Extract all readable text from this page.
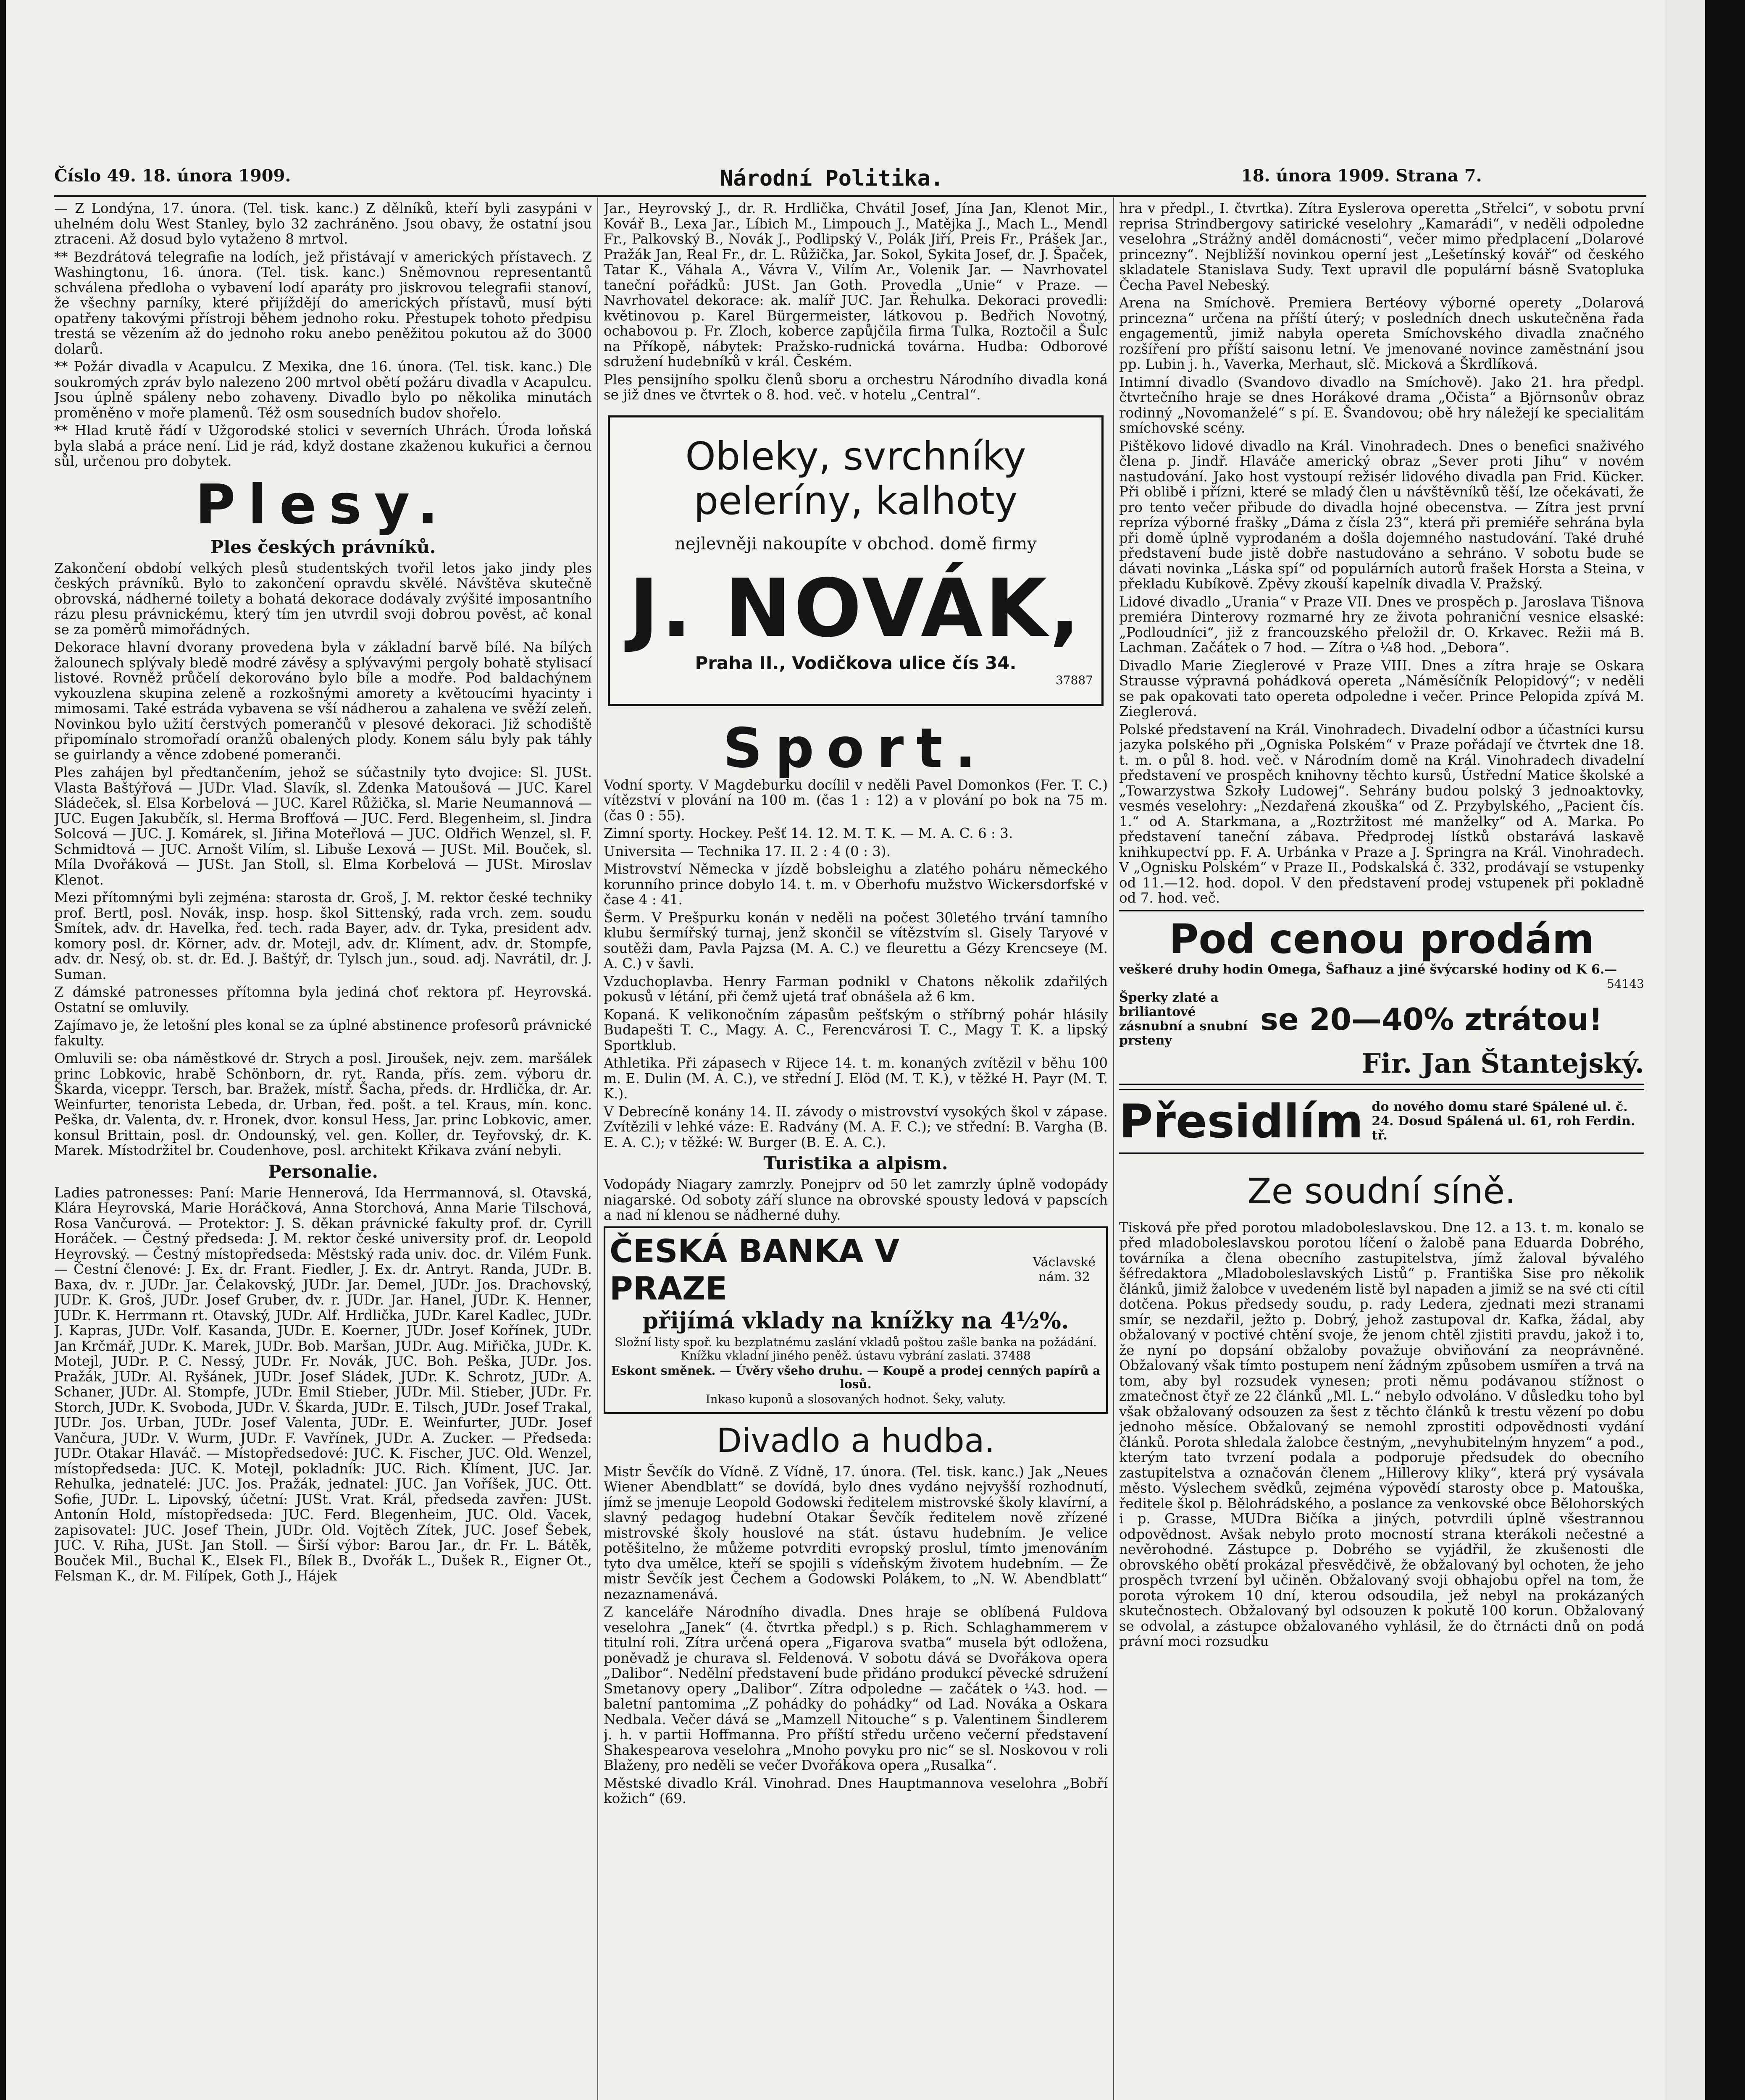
Číslo 49. 18. února 1909.	Národní Politika.	18. února 1909. Strana 7.

— Z Londýna, 17. února. (Tel. tisk. kanc.) Z dělníků, kteří byli zasypáni v uhelném dolu West Stanley, bylo 32 zachráněno. Jsou obavy, že ostatní jsou ztraceni. Až dosud bylo vytaženo 8 mrtvol.

** Bezdrátová telegrafie na lodích, jež přistávají v amerických přístavech. Z Washingtonu, 16. února. (Tel. tisk. kanc.) Sněmovnou representantů schválena předloha o vybavení lodí aparáty pro jiskrovou telegrafii stanoví, že všechny parníky, které přijíždějí do amerických přístavů, musí býti opatřeny takovými přístroji během jednoho roku. Přestupek tohoto předpisu trestá se vězením až do jednoho roku anebo peněžitou pokutou až do 3000 dolarů.

** Požár divadla v Acapulcu. Z Mexika, dne 16. února. (Tel. tisk. kanc.) Dle soukromých zpráv bylo nalezeno 200 mrtvol obětí požáru divadla v Acapulcu. Jsou úplně spáleny nebo zohaveny. Divadlo bylo po několika minutách proměněno v moře plamenů. Též osm sousedních budov shořelo.

** Hlad krutě řádí v Užgorodské stolici v severních Uhrách. Úroda loňská byla slabá a práce není. Lid je rád, když dostane zkaženou kukuřici a černou sůl, určenou pro dobytek.

Plesy.
Ples českých právníků.

Zakončení období velkých plesů studentských tvořil letos jako jindy ples českých právníků. Bylo to zakončení opravdu skvělé. Návštěva skutečně obrovská, nádherné toilety a bohatá dekorace dodávaly zvýšité imposantního rázu plesu právnickému, který tím jen utvrdil svoji dobrou pověst, ač konal se za poměrů mimořádných.

Dekorace hlavní dvorany provedena byla v základní barvě bílé. Na bílých žalounech splývaly bledě modré závěsy a splývavými pergoly bohatě stylisací listové. Rovněž průčelí dekorováno bylo bíle a modře. Pod baldachýnem vykouzlena skupina zeleně a rozkošnými amorety a květoucími hyacinty i mimosami. Také estráda vybavena se vší nádherou a zahalena ve svěží zeleň. Novinkou bylo užití čerstvých pomerančů v plesové dekoraci. Již schodiště připomínalo stromořadí oranžů obalených plody. Konem sálu byly pak táhly se guirlandy a věnce zdobené pomeranči.

Ples zahájen byl předtančením, jehož se súčastnily tyto dvojice: Sl. JUSt. Vlasta Baštýřová — JUDr. Vlad. Slavík, sl. Zdenka Matoušová — JUC. Karel Sládeček, sl. Elsa Korbelová — JUC. Karel Růžička, sl. Marie Neumannová — JUC. Eugen Jakubčík, sl. Herma Brofťová — JUC. Ferd. Blegenheim, sl. Jindra Solcová — JUC. J. Komárek, sl. Jiřina Moteřlová — JUC. Oldřich Wenzel, sl. F. Schmidtová — JUC. Arnošt Vilím, sl. Libuše Lexová — JUSt. Mil. Bouček, sl. Míla Dvořáková — JUSt. Jan Stoll, sl. Elma Korbelová — JUSt. Miroslav Klenot.

Mezi přítomnými byli zejména: starosta dr. Groš, J. M. rektor české techniky prof. Bertl, posl. Novák, insp. hosp. škol Sittenský, rada vrch. zem. soudu Smítek, adv. dr. Havelka, řed. tech. rada Bayer, adv. dr. Tyka, president adv. komory posl. dr. Körner, adv. dr. Motejl, adv. dr. Klíment, adv. dr. Stompfe, adv. dr. Nesý, ob. st. dr. Ed. J. Baštýř, dr. Tylsch jun., soud. adj. Navrátil, dr. J. Suman.

Z dámské patronesses přítomna byla jediná choť rektora pf. Heyrovská. Ostatní se omluvily.

Zajímavo je, že letošní ples konal se za úplné abstinence profesorů právnické fakulty.

Omluvili se: oba náměstkové dr. Strych a posl. Jiroušek, nejv. zem. maršálek princ Lobkovic, hrabě Schönborn, dr. ryt. Randa, přís. zem. výboru dr. Škarda, viceppr. Tersch, bar. Bražek, místř. Šacha, předs. dr. Hrdlička, dr. Ar. Weinfurter, tenorista Lebeda, dr. Urban, řed. pošt. a tel. Kraus, mín. konc. Peška, dr. Valenta, dv. r. Hronek, dvor. konsul Hess, Jar. princ Lobkovic, amer. konsul Brittain, posl. dr. Ondounský, vel. gen. Koller, dr. Teyřovský, dr. K. Marek. Místodržitel br. Coudenhove, posl. architekt Křikava zvání nebyli.

Personalie.

Ladies patronesses: Paní: Marie Hennerová, Ida Herrmannová, sl. Otavská, Klára Heyrovská, Marie Horáčková, Anna Storchová, Anna Marie Tilschová, Rosa Vančurová. — Protektor: J. S. děkan právnické fakulty prof. dr. Cyrill Horáček. — Čestný předseda: J. M. rektor české university prof. dr. Leopold Heyrovský. — Čestný místopředseda: Městský rada univ. doc. dr. Vilém Funk. — Čestní členové: J. Ex. dr. Frant. Fiedler, J. Ex. dr. Antryt. Randa, JUDr. B. Baxa, dv. r. JUDr. Jar. Čelakovský, JUDr. Jar. Demel, JUDr. Jos. Drachovský, JUDr. K. Groš, JUDr. Josef Gruber, dv. r. JUDr. Jar. Hanel, JUDr. K. Henner, JUDr. K. Herrmann rt. Otavský, JUDr. Alf. Hrdlička, JUDr. Karel Kadlec, JUDr. J. Kapras, JUDr. Volf. Kasanda, JUDr. E. Koerner, JUDr. Josef Kořínek, JUDr. Jan Krčmář, JUDr. K. Marek, JUDr. Bob. Maršan, JUDr. Aug. Miřička, JUDr. K. Motejl, JUDr. P. C. Nessý, JUDr. Fr. Novák, JUC. Boh. Peška, JUDr. Jos. Pražák, JUDr. Al. Ryšánek, JUDr. Josef Sládek, JUDr. K. Schrotz, JUDr. A. Schaner, JUDr. Al. Stompfe, JUDr. Emil Stieber, JUDr. Mil. Stieber, JUDr. Fr. Storch, JUDr. K. Svoboda, JUDr. V. Škarda, JUDr. E. Tilsch, JUDr. Josef Trakal, JUDr. Jos. Urban, JUDr. Josef Valenta, JUDr. E. Weinfurter, JUDr. Josef Vančura, JUDr. V. Wurm, JUDr. F. Vavřínek, JUDr. A. Zucker. — Předseda: JUDr. Otakar Hlaváč. — Místopředsedové: JUC. K. Fischer, JUC. Old. Wenzel, místopředseda: JUC. K. Motejl, pokladník: JUC. Rich. Klíment, JUC. Jar. Rehulka, jednatelé: JUC. Jos. Pražák, jednatel: JUC. Jan Voříšek, JUC. Ott. Sofie, JUDr. L. Lipovský, účetní: JUSt. Vrat. Král, předseda zavřen: JUSt. Antonín Hold, místopředseda: JUC. Ferd. Blegenheim, JUC. Old. Vacek, zapisovatel: JUC. Josef Thein, JUDr. Old. Vojtěch Zítek, JUC. Josef Šebek, JUC. V. Riha, JUSt. Jan Stoll. — Širší výbor: Barou Jar., dr. Fr. L. Bátěk, Bouček Mil., Buchal K., Elsek Fl., Bílek B., Dvořák L., Dušek R., Eigner Ot., Felsman K., dr. M. Filípek, Goth J., Hájek

Jar., Heyrovský J., dr. R. Hrdlička, Chvátil Josef, Jína Jan, Klenot Mir., Kovář B., Lexa Jar., Líbich M., Limpouch J., Matějka J., Mach L., Mendl Fr., Palkovský B., Novák J., Podlipský V., Polák Jiří, Preis Fr., Prášek Jar., Pražák Jan, Real Fr., dr. L. Růžička, Jar. Sokol, Sykita Josef, dr. J. Špaček, Tatar K., Váhala A., Vávra V., Vilím Ar., Volenik Jar. — Navrhovatel taneční pořádků: JUSt. Jan Goth. Provedla „Unie“ v Praze. — Navrhovatel dekorace: ak. malíř JUC. Jar. Řehulka. Dekoraci provedli: květinovou p. Karel Bürgermeister, látkovou p. Bedřich Novotný, ochabovou p. Fr. Zloch, koberce zapůjčila firma Tulka, Roztočil a Šulc na Příkopě, nábytek: Pražsko-rudnická továrna. Hudba: Odborové sdružení hudebníků v král. Českém.

Ples pensijního spolku členů sboru a orchestru Národního divadla koná se již dnes ve čtvrtek o 8. hod. več. v hotelu „Central“.

Obleky, svrchníky
peleríny, kalhoty
nejlevněji nakoupíte v obchod. domě firmy
J. NOVÁK,
Praha II., Vodičkova ulice čís 34.
37887
Sport.

Vodní sporty. V Magdeburku docílil v neděli Pavel Domonkos (Fer. T. C.) vítězství v plování na 100 m. (čas 1 : 12) a v plování po bok na 75 m. (čas 0 : 55).

Zimní sporty. Hockey. Pešť 14. 12. M. T. K. — M. A. C. 6 : 3.

Universita — Technika 17. II. 2 : 4 (0 : 3).

Mistrovství Německa v jízdě bobsleighu a zlatého poháru německého korunního prince dobylo 14. t. m. v Oberhofu mužstvo Wickersdorfské v čase 4 : 41.

Šerm. V Prešpurku konán v neděli na počest 30letého trvání tamního klubu šermířský turnaj, jenž skončil se vítězstvím sl. Gisely Taryové v soutěži dam, Pavla Pajzsa (M. A. C.) ve fleurettu a Gézy Krencseye (M. A. C.) v šavli.

Vzduchoplavba. Henry Farman podnikl v Chatons několik zdařilých pokusů v létání, při čemž ujetá trať obnášela až 6 km.

Kopaná. K velikonočním zápasům pešťským o stříbrný pohár hlásily Budapešti T. C., Magy. A. C., Ferencvárosi T. C., Magy T. K. a lipský Sportklub.

Athletika. Při zápasech v Rijece 14. t. m. konaných zvítězil v běhu 100 m. E. Dulin (M. A. C.), ve střední J. Elöd (M. T. K.), v těžké H. Payr (M. T. K.).

V Debrecíně konány 14. II. závody o mistrovství vysokých škol v zápase. Zvítězili v lehké váze: E. Radvány (M. A. F. C.); ve střední: B. Vargha (B. E. A. C.); v těžké: W. Burger (B. E. A. C.).

Turistika a alpism.

Vodopády Niagary zamrzly. Ponejprv od 50 let zamrzly úplně vodopády niagarské. Od soboty září slunce na obrovské spousty ledová v papscích a nad ní klenou se nádherné duhy.

ČESKÁ BANKA V PRAZE
Václavské nám. 32
přijímá vklady na knížky na 4½%.

Složní listy spoř. ku bezplatnému zaslání vkladů poštou zašle banka na požádání. Knížku vkladní jiného peněž. ústavu vybrání zaslati. 37488

Eskont směnek. — Úvěry všeho druhu. — Koupě a prodej cenných papírů a losů.

Inkaso kuponů a slosovaných hodnot. Šeky, valuty.

Divadlo a hudba.

Mistr Ševčík do Vídně. Z Vídně, 17. února. (Tel. tisk. kanc.) Jak „Neues Wiener Abendblatt“ se dovídá, bylo dnes vydáno nejvyšší rozhodnutí, jímž se jmenuje Leopold Godowski ředitelem mistrovské školy klavírní, a slavný pedagog hudební Otakar Ševčík ředitelem nově zřízené mistrovské školy houslové na stát. ústavu hudebním. Je velice potěšitelno, že můžeme potvrditi evropský proslul, tímto jmenováním tyto dva umělce, kteří se spojili s vídeňským životem hudebním. — Že mistr Ševčík jest Čechem a Godowski Polákem, to „N. W. Abendblatt“ nezaznamenává.

Z kanceláře Národního divadla. Dnes hraje se oblíbená Fuldova veselohra „Janek“ (4. čtvrtka předpl.) s p. Rich. Schlaghammerem v titulní roli. Zítra určená opera „Figarova svatba“ musela být odložena, poněvadž je churava sl. Feldenová. V sobotu dává se Dvořákova opera „Dalibor“. Nedělní představení bude přidáno produkcí pěvecké sdružení Smetanovy opery „Dalibor“. Zítra odpoledne — začátek o ¼3. hod. — baletní pantomima „Z pohádky do pohádky“ od Lad. Nováka a Oskara Nedbala. Večer dává se „Mamzell Nitouche“ s p. Valentinem Šindlerem j. h. v partii Hoffmanna. Pro příští středu určeno večerní představení Shakespearova veselohra „Mnoho povyku pro nic“ se sl. Noskovou v roli Blaženy, pro neděli se večer Dvořákova opera „Rusalka“.

Městské divadlo Král. Vinohrad. Dnes Hauptmannova veselohra „Bobří kožich“ (69.

hra v předpl., I. čtvrtka). Zítra Eyslerova operetta „Střelci“, v sobotu první reprisa Strindbergovy satirické veselohry „Kamarádi“, v neděli odpoledne veselohra „Strážný anděl domácnosti“, večer mimo předplacení „Dolarové princezny“. Nejbližší novinkou operní jest „Lešetínský kovář“ od českého skladatele Stanislava Sudy. Text upravil dle populární básně Svatopluka Čecha Pavel Nebeský.

Arena na Smíchově. Premiera Bertéovy výborné operety „Dolarová princezna“ určena na příští úterý; v posledních dnech uskutečněna řada engagementů, jimiž nabyla opereta Smíchovského divadla značného rozšíření pro příští saisonu letní. Ve jmenované novince zaměstnání jsou pp. Lubin j. h., Vaverka, Merhaut, slč. Micková a Škrdlíková.

Intimní divadlo (Svandovo divadlo na Smíchově). Jako 21. hra předpl. čtvrtečního hraje se dnes Horákové drama „Očista“ a Björnsonův obraz rodinný „Novomanželé“ s pí. E. Švandovou; obě hry náležejí ke specialitám smíchovské scény.

Pištěkovo lidové divadlo na Král. Vinohradech. Dnes o benefici snaživého člena p. Jindř. Hlaváče americký obraz „Sever proti Jihu“ v novém nastudování. Jako host vystoupí režisér lidového divadla pan Frid. Kücker. Při oblibě i přízni, které se mladý člen u návštěvníků těší, lze očekávati, že pro tento večer přibude do divadla hojné obecenstva. — Zítra jest první repríza výborné frašky „Dáma z čísla 23“, která při premiéře sehrána byla při domě úplně vyprodaném a došla dojemného nastudování. Také druhé představení bude jistě dobře nastudováno a sehráno. V sobotu bude se dávati novinka „Láska spí“ od populárních autorů frašek Horsta a Steina, v překladu Kubíkově. Zpěvy zkouší kapelník divadla V. Pražský.

Lidové divadlo „Urania“ v Praze VII. Dnes ve prospěch p. Jaroslava Tišnova premiéra Dinterovy rozmarné hry ze života pohraniční vesnice elsaské: „Podloudníci“, již z francouzského přeložil dr. O. Krkavec. Režii má B. Lachman. Začátek o 7 hod. — Zítra o ¼8 hod. „Debora“.

Divadlo Marie Zieglerové v Praze VIII. Dnes a zítra hraje se Oskara Strausse výpravná pohádková opereta „Náměsíčník Pelopidový“; v neděli se pak opakovati tato opereta odpoledne i večer. Prince Pelopida zpívá M. Zieglerová.

Polské představení na Král. Vinohradech. Divadelní odbor a účastníci kursu jazyka polského při „Ogniska Polském“ v Praze pořádají ve čtvrtek dne 18. t. m. o půl 8. hod. več. v Národním domě na Král. Vinohradech divadelní představení ve prospěch knihovny těchto kursů, Ústřední Matice školské a „Towarzystwa Szkoły Ludowej“. Sehrány budou polský 3 jednoaktovky, vesmés veselohry: „Nezdařená zkouška“ od Z. Przybylského, „Pacient čís. 1.“ od A. Starkmana, a „Roztržitost mé manželky“ od A. Marka. Po představení taneční zábava. Předprodej lístků obstarává laskavě knihkupectví pp. F. A. Urbánka v Praze a J. Springra na Král. Vinohradech. V „Ognisku Polském“ v Praze II., Podskalská č. 332, prodávají se vstupenky od 11.—12. hod. dopol. V den představení prodej vstupenek při pokladně od 7. hod. več.

Pod cenou prodám
veškeré druhy hodin Omega, Šafhauz a jiné švýcarské hodiny od K 6.—
54143
Šperky zlaté a briliantové zásnubní a snubní prsteny
se 20—40% ztrátou!
Fir. Jan Štantejský.
Přesidlím do nového domu staré Spálené ul. č. 24. Dosud Spálená ul. 61, roh Ferdin. tř.
Ze soudní síně.

Tisková pře před porotou mladoboleslavskou. Dne 12. a 13. t. m. konalo se před mladoboleslavskou porotou líčení o žalobě pana Eduarda Dobrého, továrníka a člena obecního zastupitelstva, jímž žaloval bývalého šéfredaktora „Mladoboleslavských Listů“ p. Františka Sise pro několik článků, jimiž žalobce v uvedeném listě byl napaden a jimiž se na své cti cítil dotčena. Pokus předsedy soudu, p. rady Ledera, zjednati mezi stranami smír, se nezdařil, ježto p. Dobrý, jehož zastupoval dr. Kafka, žádal, aby obžalovaný v poctivé chtění svoje, že jenom chtěl zjistiti pravdu, jakož i to, že nyní po dopsání obžaloby považuje obviňování za neoprávněné. Obžalovaný však tímto postupem není žádným způsobem usmířen a trvá na tom, aby byl rozsudek vynesen; proti němu podávanou stížnost o zmatečnost čtyř ze 22 článků „Ml. L.“ nebylo odvoláno. V důsledku toho byl však obžalovaný odsouzen za šest z těchto článků k trestu vězení po dobu jednoho měsíce. Obžalovaný se nemohl zprostiti odpovědnosti vydání článků. Porota shledala žalobce čestným, „nevyhubitelným hnyzem“ a pod., kterým tato tvrzení podala a podporuje předsudek do obecního zastupitelstva a označován členem „Hillerovy kliky“, která prý vysávala město. Výslechem svědků, zejména výpovědí starosty obce p. Matouška, ředitele škol p. Bělohrádského, a poslance za venkovské obce Bělohorských i p. Grasse, MUDra Bičíka a jiných, potvrdili úplně všestrannou odpovědnost. Avšak nebylo proto mocností strana kterákoli nečestné a nevěrohodné. Zástupce p. Dobrého se vyjádřil, že zkušenosti dle obrovského obětí prokázal přesvědčivě, že obžalovaný byl ochoten, že jeho prospěch tvrzení byl učiněn. Obžalovaný svoji obhajobu opřel na tom, že porota výrokem 10 dní, kterou odsoudila, jež nebyl na prokázaných skutečnostech. Obžalovaný byl odsouzen k pokutě 100 korun. Obžalovaný se odvolal, a zástupce obžalovaného vyhlásil, že do čtrnácti dnů on podá právní moci rozsudku
